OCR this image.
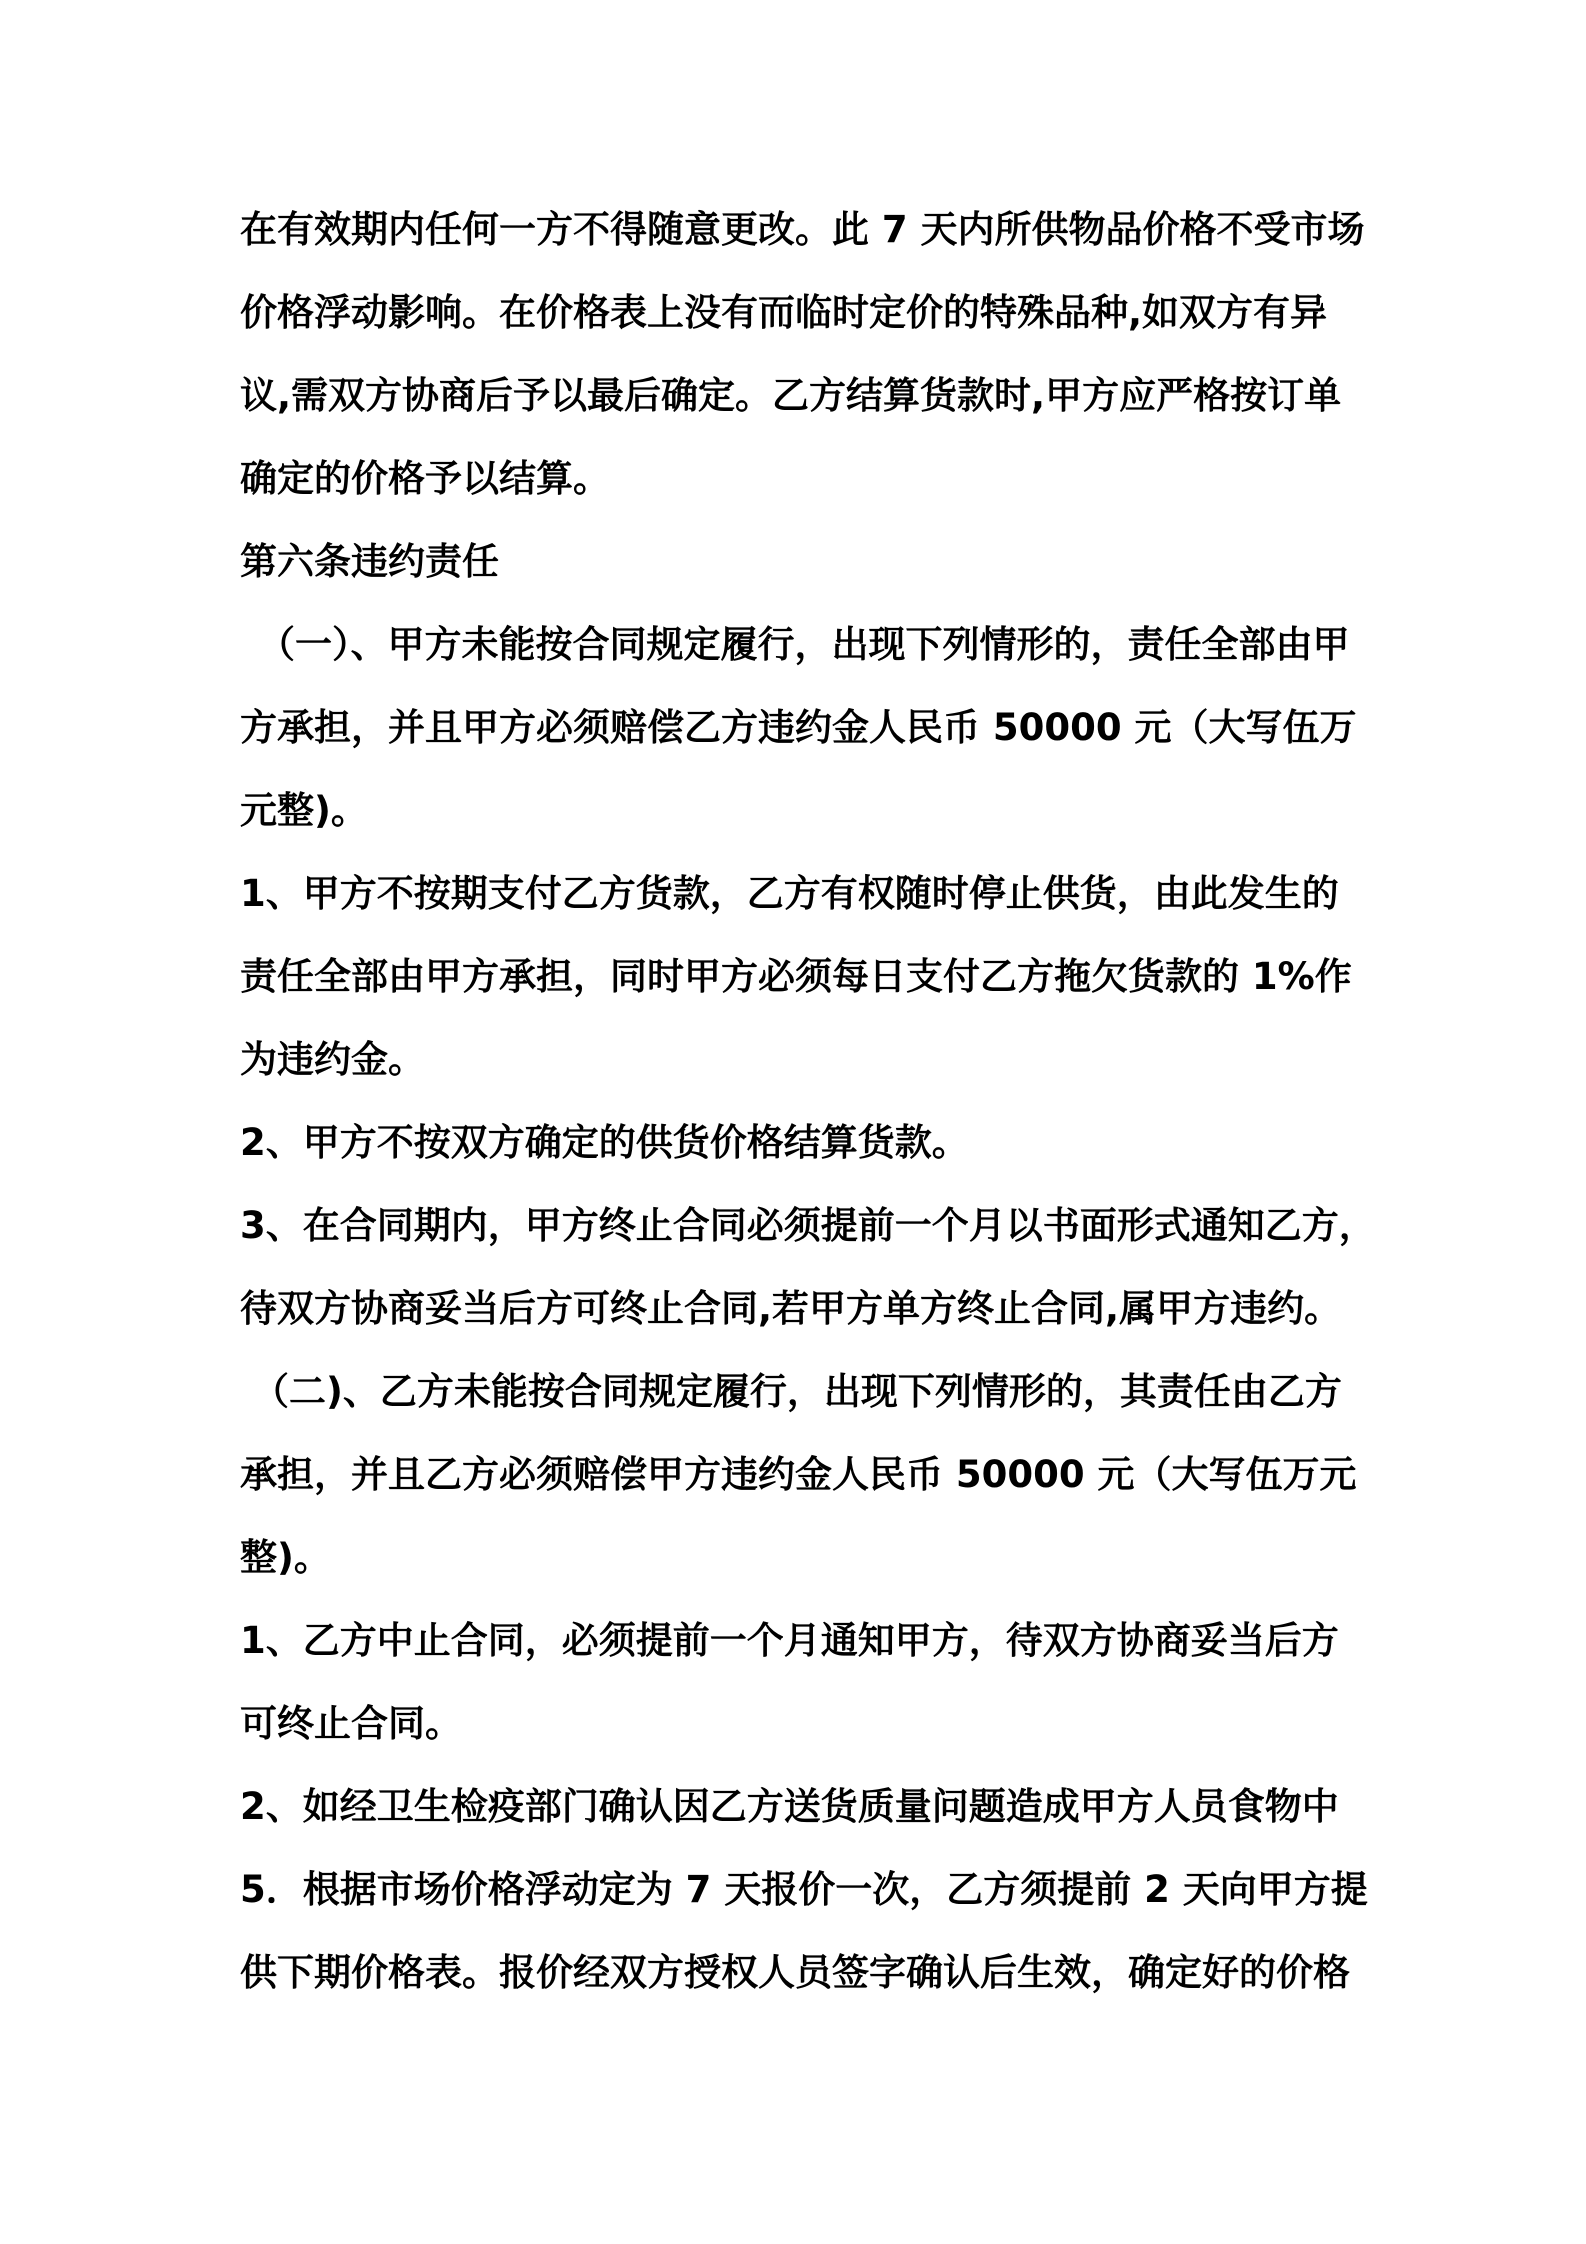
在有效期内任何一方不得随意更改。此 7 天内所供物品价格不受市场
价格浮动影响。在价格表上没有而临时定价的特殊品种,如双方有异
议,需双方协商后予以最后确定。乙方结算货款时,甲方应严格按订单
确定的价格予以结算。
第六条违约责任
（一）、甲方未能按合同规定履行，出现下列情形的，责任全部由甲
方承担，并且甲方必须赔偿乙方违约金人民币 50000 元（大写伍万
元整)。
1、甲方不按期支付乙方货款，乙方有权随时停止供货，由此发生的
责任全部由甲方承担，同时甲方必须每日支付乙方拖欠货款的 1%作
为违约金。
2、甲方不按双方确定的供货价格结算货款。
3、在合同期内，甲方终止合同必须提前一个月以书面形式通知乙方，
待双方协商妥当后方可终止合同,若甲方单方终止合同,属甲方违约。
（二)、乙方未能按合同规定履行，出现下列情形的，其责任由乙方
承担，并且乙方必须赔偿甲方违约金人民币 50000 元（大写伍万元
整)。
1、乙方中止合同，必须提前一个月通知甲方，待双方协商妥当后方
可终止合同。
2、如经卫生检疫部门确认因乙方送货质量问题造成甲方人员食物中
5．根据市场价格浮动定为 7 天报价一次，乙方须提前 2 天向甲方提
供下期价格表。报价经双方授权人员签字确认后生效，确定好的价格
